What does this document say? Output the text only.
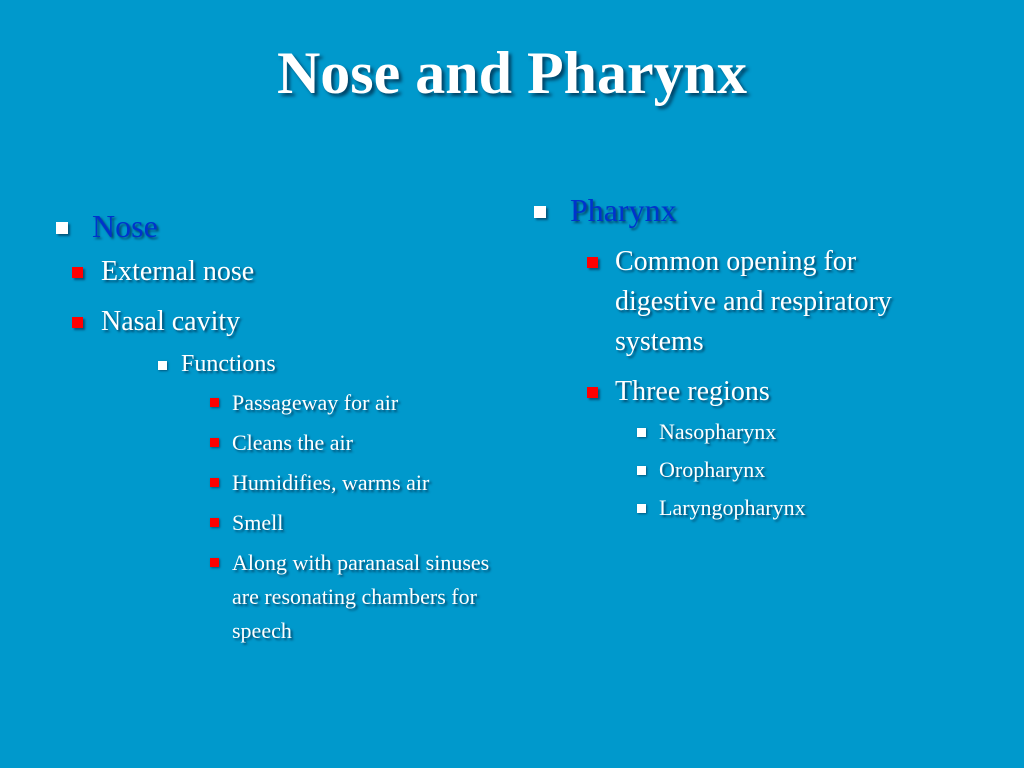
Nose and Pharynx
Nose
External nose
Nasal cavity
Functions
Passageway for air
Cleans the air
Humidifies, warms air
Smell
Along with paranasal sinuses are resonating chambers for speech
Pharynx
Common opening for digestive and respiratory systems
Three regions
Nasopharynx
Oropharynx
Laryngopharynx
